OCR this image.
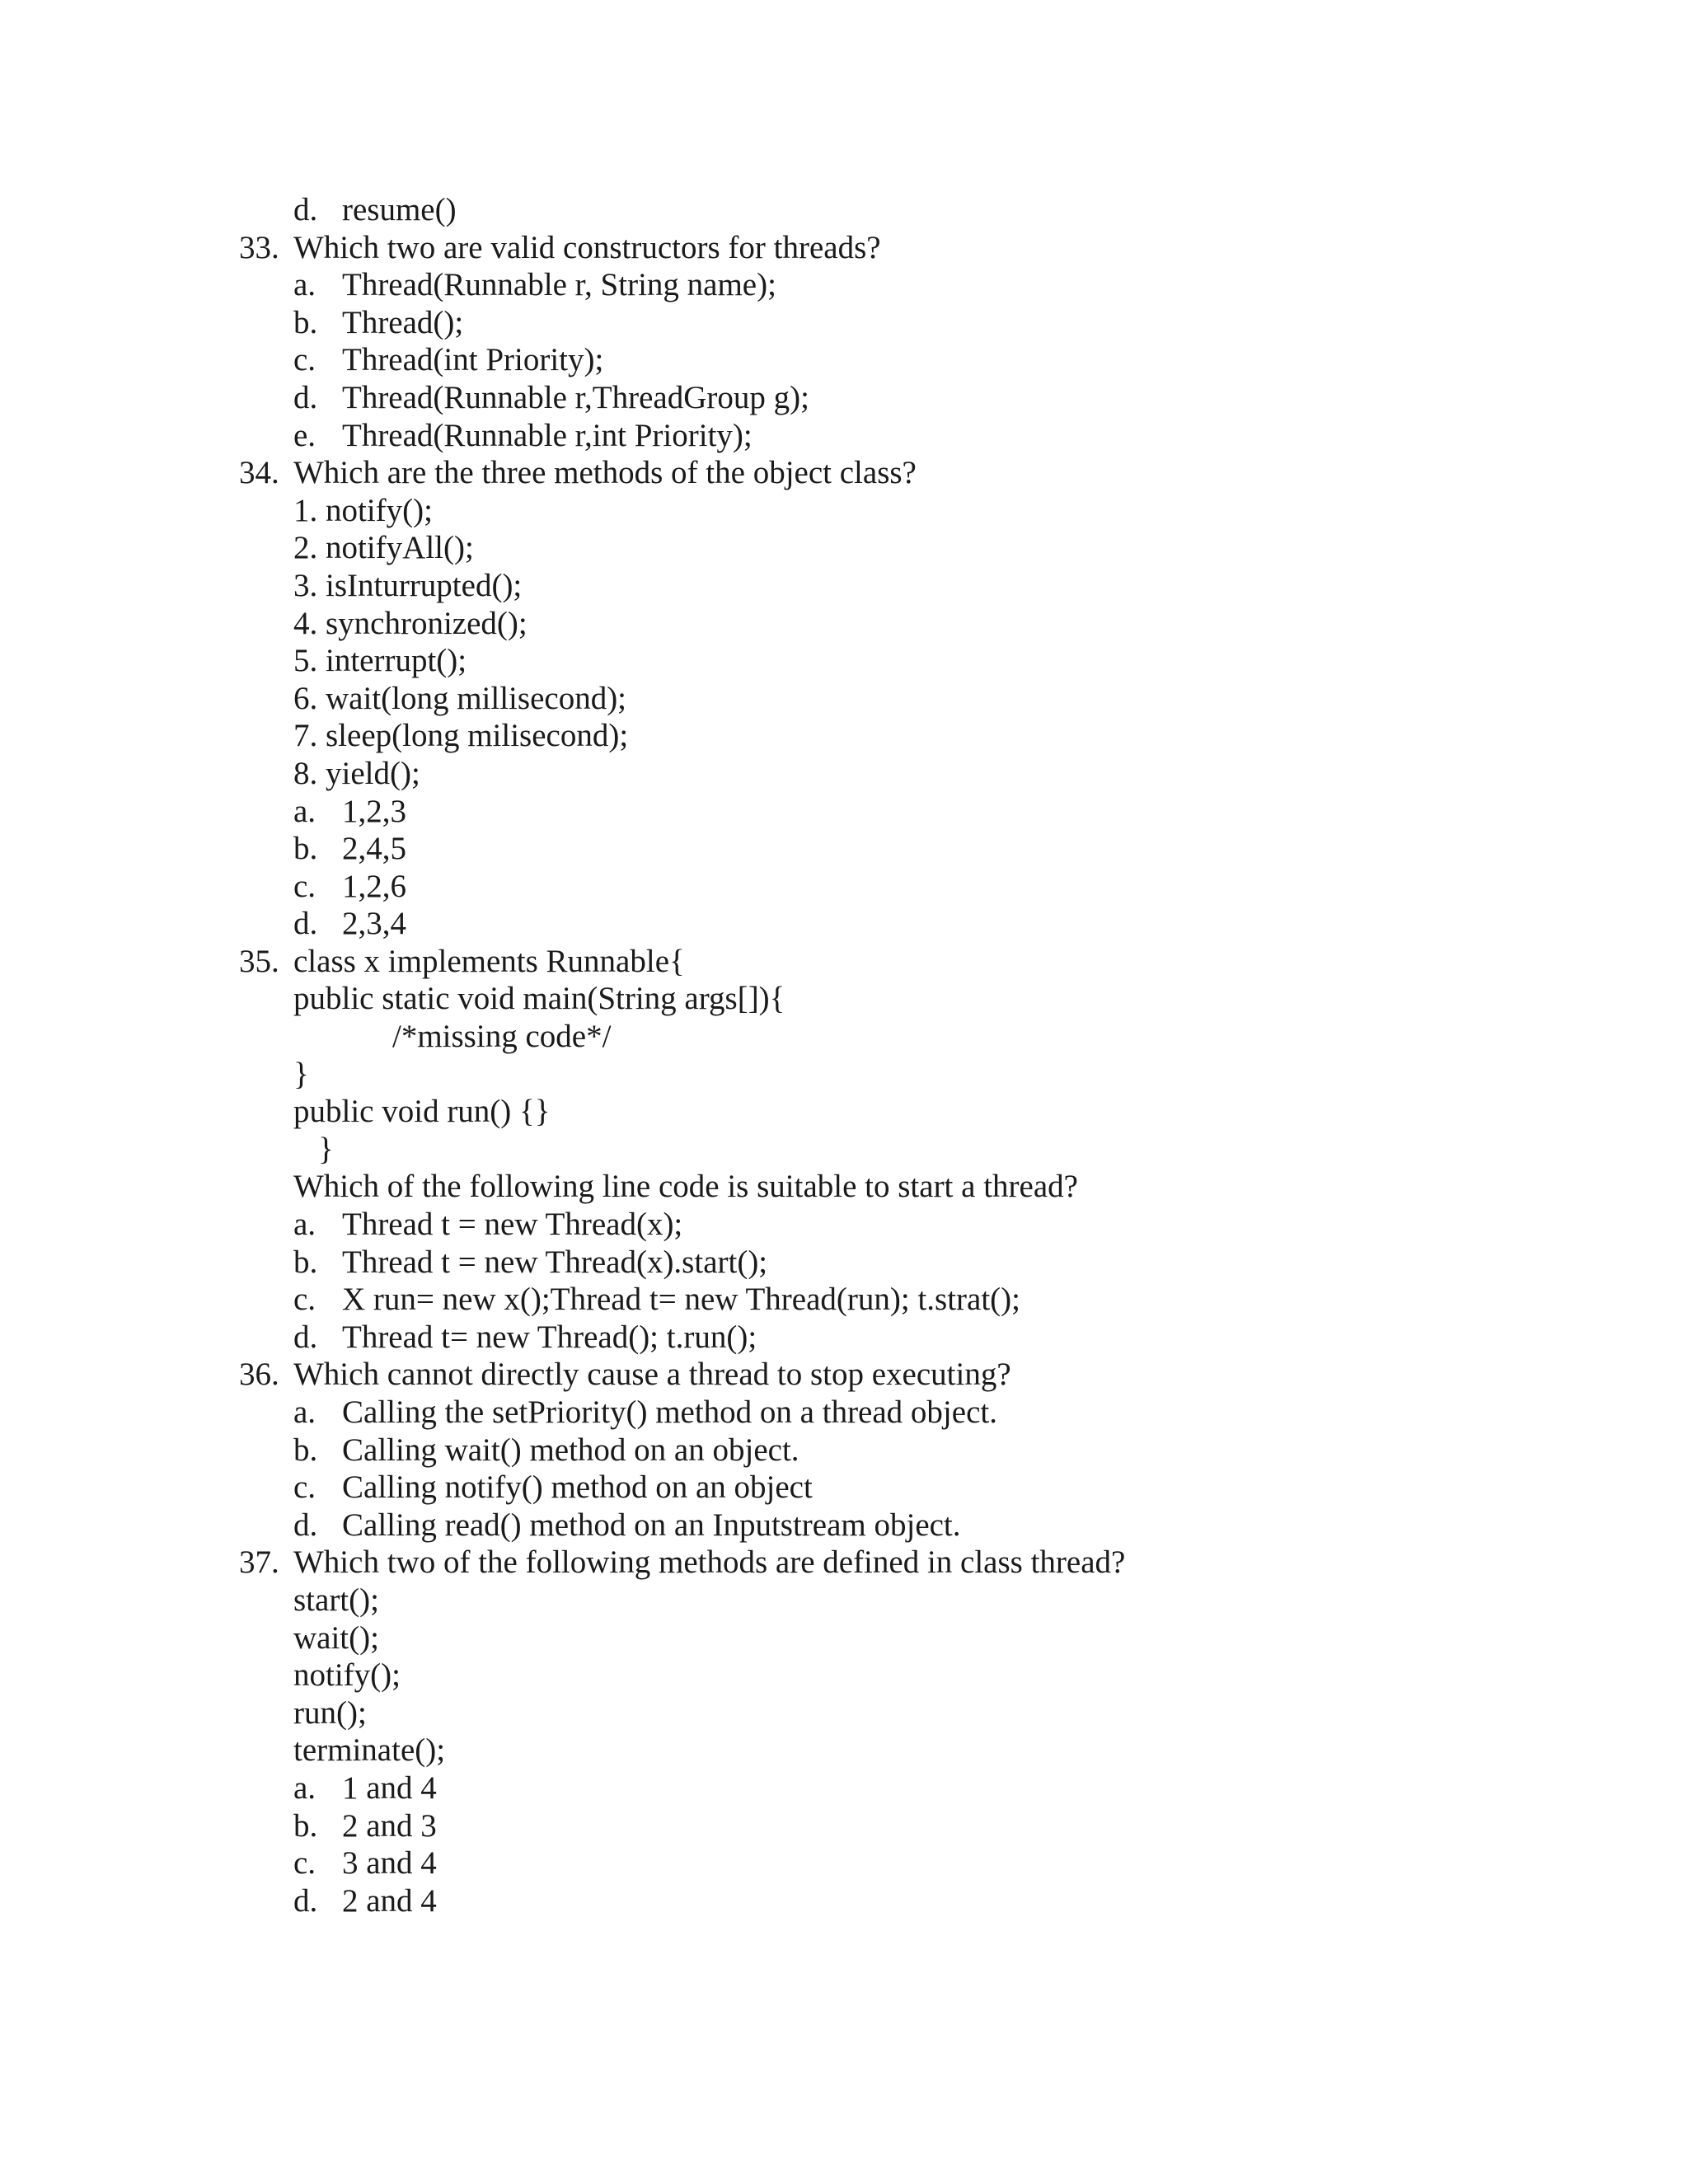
d. resume()
33. Which two are valid constructors for threads?
a. Thread(Runnable r, String name);
b. Thread();
c. Thread(int Priority);
d. Thread(Runnable r,ThreadGroup g);
e. Thread(Runnable r,int Priority);
34. Which are the three methods of the object class?
1. notify();
2. notifyAll();
3. isInturrupted();
4. synchronized();
5. interrupt();
6. wait(long millisecond);
7. sleep(long milisecond);
8. yield();
a. 1,2,3
b. 2,4,5
c. 1,2,6
d. 2,3,4
35. class x implements Runnable{
public static void main(String args[]){
/*missing code*/
}
public void run() {}
}
Which of the following line code is suitable to start a thread?
a. Thread t = new Thread(x);
b. Thread t = new Thread(x).start();
c. X run= new x();Thread t= new Thread(run); t.strat();
d. Thread t= new Thread(); t.run();
36. Which cannot directly cause a thread to stop executing?
a. Calling the setPriority() method on a thread object.
b. Calling wait() method on an object.
c. Calling notify() method on an object
d. Calling read() method on an Inputstream object.
37. Which two of the following methods are defined in class thread?
start();
wait();
notify();
run();
terminate();
a. 1 and 4
b. 2 and 3
c. 3 and 4
d. 2 and 4
